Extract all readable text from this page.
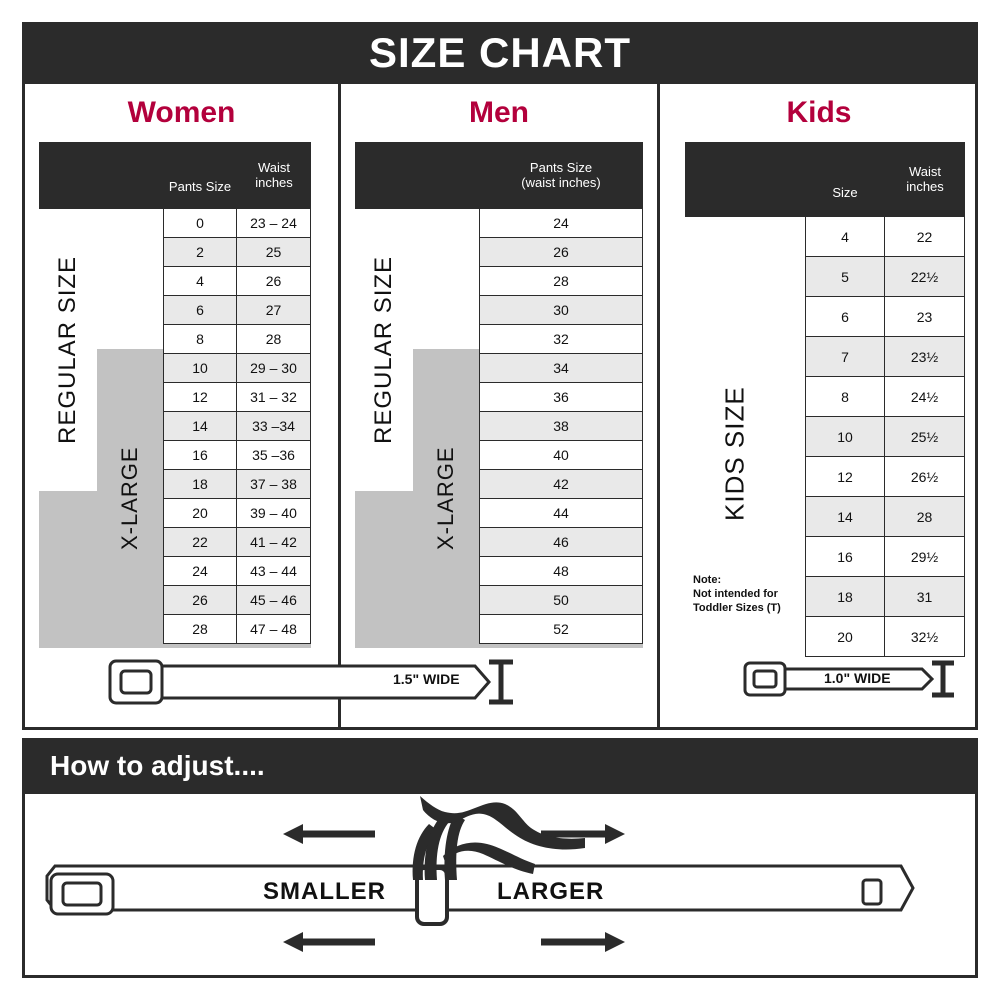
SIZE CHART
Women
REGULAR SIZE
X-LARGE
Pants Size
Waist
inches
0	23 – 24
2	25
4	26
6	27
8	28
10	29 – 30
12	31 – 32
14	33 –34
16	35 –36
18	37 – 38
20	39 – 40
22	41 – 42
24	43 – 44
26	45 – 46
28	47 – 48
Men
REGULAR SIZE
X-LARGE
Pants Size
(waist inches)
24
26
28
30
32
34
36
38
40
42
44
46
48
50
52
Kids
KIDS SIZE
Size
Waist
inches
4	22
5	22½
6	23
7	23½
8	24½
10	25½
12	26½
14	28
16	29½
18	31
20	32½
Note:
Not intended for
Toddler Sizes (T)
1.5" WIDE	1.0" WIDE
How to adjust....
SMALLER	LARGER
